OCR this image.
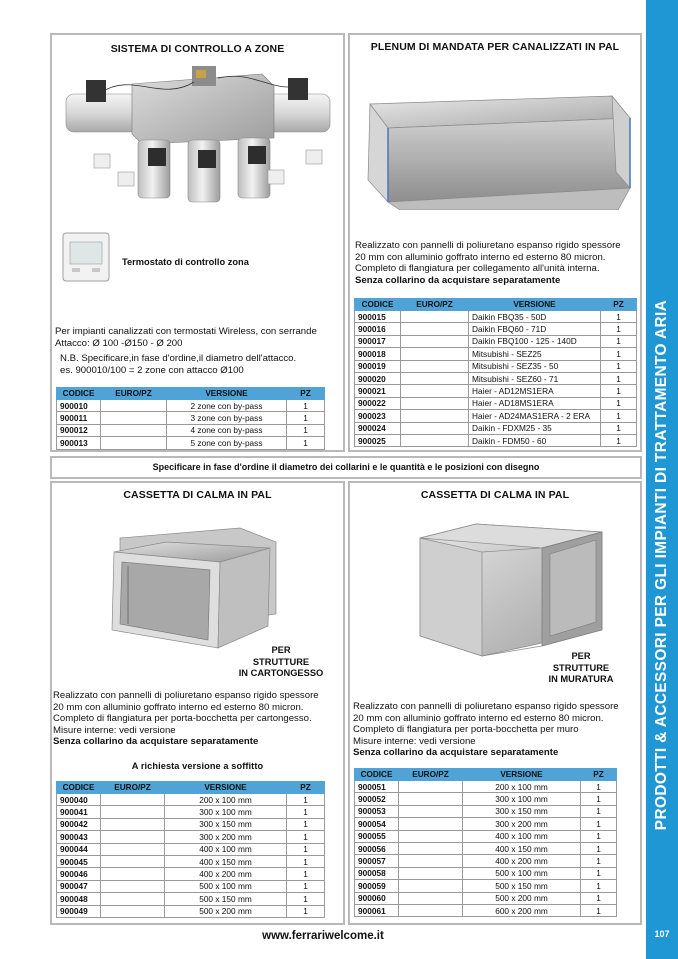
PRODOTTI & ACCESSORI PER GLI IMPIANTI DI TRATTAMENTO ARIA
107
SISTEMA DI CONTROLLO A ZONE
Termostato di controllo zona
Per impianti canalizzati con termostati Wireless, con serrande
Attacco: Ø 100 -Ø150 - Ø 200
N.B. Specificare,in fase d'ordine,il diametro dell'attacco.
es. 900010/100 = 2 zone con attacco Ø100
CODICE	EURO/PZ	VERSIONE	PZ
900010		2 zone con by-pass	1
900011		3 zone con by-pass	1
900012		4 zone con by-pass	1
900013		5 zone con by-pass	1
PLENUM DI MANDATA PER CANALIZZATI IN PAL
Realizzato con pannelli di poliuretano espanso rigido spessore
20 mm con alluminio goffrato interno ed esterno 80 micron.
Completo di flangiatura per collegamento all'unità interna.
Senza collarino da acquistare separatamente
CODICE	EURO/PZ	VERSIONE	PZ
900015		Daikin FBQ35 - 50D	1
900016		Daikin FBQ60 - 71D	1
900017		Daikin FBQ100 - 125 - 140D	1
900018		Mitsubishi - SEZ25	1
900019		Mitsubishi - SEZ35 - 50	1
900020		Mitsubishi - SEZ60 - 71	1
900021		Haier - AD12MS1ERA	1
900022		Haier - AD18MS1ERA	1
900023		Haier - AD24MAS1ERA - 2 ERA	1
900024		Daikin - FDXM25 - 35	1
900025		Daikin - FDM50 - 60	1
Specificare in fase d'ordine il diametro dei collarini e le quantità e le posizioni con disegno
CASSETTA DI CALMA IN PAL
PER
STRUTTURE
IN CARTONGESSO
Realizzato con pannelli di poliuretano espanso rigido spessore
20 mm con alluminio goffrato interno ed esterno 80 micron.
Completo di flangiatura per porta-bocchetta per cartongesso.
Misure interne: vedi versione
Senza collarino da acquistare separatamente
A richiesta versione a soffitto
CODICE	EURO/PZ	VERSIONE	PZ
900040		200 x 100 mm	1
900041		300 x 100 mm	1
900042		300 x 150 mm	1
900043		300 x 200 mm	1
900044		400 x 100 mm	1
900045		400 x 150 mm	1
900046		400 x 200 mm	1
900047		500 x 100 mm	1
900048		500 x 150 mm	1
900049		500 x 200 mm	1
CASSETTA DI CALMA IN PAL
PER
STRUTTURE
IN MURATURA
Realizzato con pannelli di poliuretano espanso rigido spessore
20 mm con alluminio goffrato interno ed esterno 80 micron.
Completo di flangiatura per porta-bocchetta per muro
Misure interne: vedi versione
Senza collarino da acquistare separatamente
CODICE	EURO/PZ	VERSIONE	PZ
900051		200 x 100 mm	1
900052		300 x 100 mm	1
900053		300 x 150 mm	1
900054		300 x 200 mm	1
900055		400 x 100 mm	1
900056		400 x 150 mm	1
900057		400 x 200 mm	1
900058		500 x 100 mm	1
900059		500 x 150 mm	1
900060		500 x 200 mm	1
900061		600 x 200 mm	1
www.ferrariwelcome.it
